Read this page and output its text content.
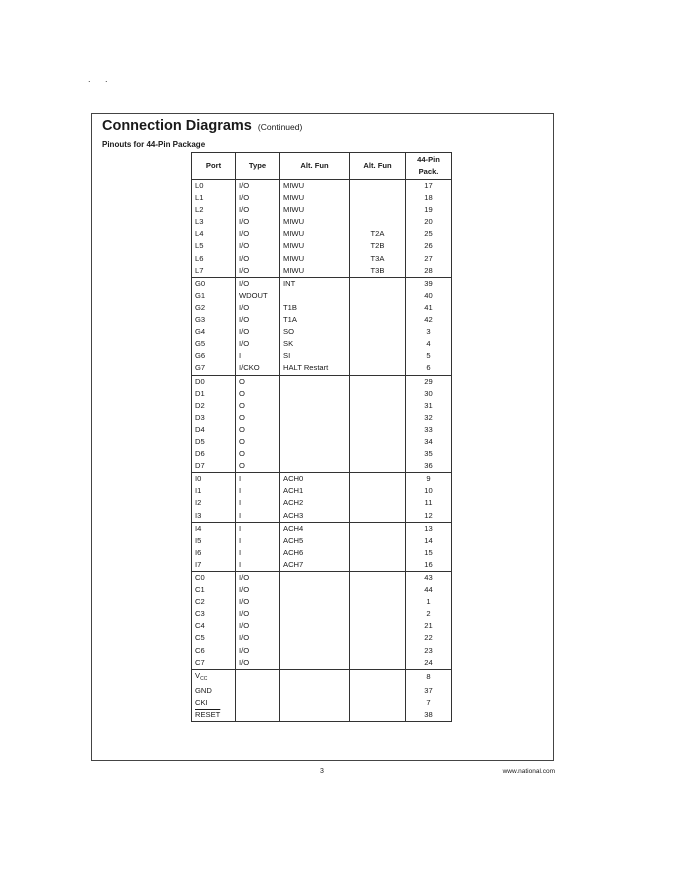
. .
Connection Diagrams (Continued)
Pinouts for 44-Pin Package
Port	Type	Alt. Fun	Alt. Fun	44-Pin
Pack.
L0	I/O	MIWU		17
L1	I/O	MIWU		18
L2	I/O	MIWU		19
L3	I/O	MIWU		20
L4	I/O	MIWU	T2A	25
L5	I/O	MIWU	T2B	26
L6	I/O	MIWU	T3A	27
L7	I/O	MIWU	T3B	28
G0	I/O	INT		39
G1	WDOUT			40
G2	I/O	T1B		41
G3	I/O	T1A		42
G4	I/O	SO		3
G5	I/O	SK		4
G6	I	SI		5
G7	I/CKO	HALT Restart		6
D0	O			29
D1	O			30
D2	O			31
D3	O			32
D4	O			33
D5	O			34
D6	O			35
D7	O			36
I0	I	ACH0		9
I1	I	ACH1		10
I2	I	ACH2		11
I3	I	ACH3		12
I4	I	ACH4		13
I5	I	ACH5		14
I6	I	ACH6		15
I7	I	ACH7		16
C0	I/O			43
C1	I/O			44
C2	I/O			1
C3	I/O			2
C4	I/O			21
C5	I/O			22
C6	I/O			23
C7	I/O			24
$V_{CC}$				8
GND				37
CKI				7
RESET				38
3	www.national.com
